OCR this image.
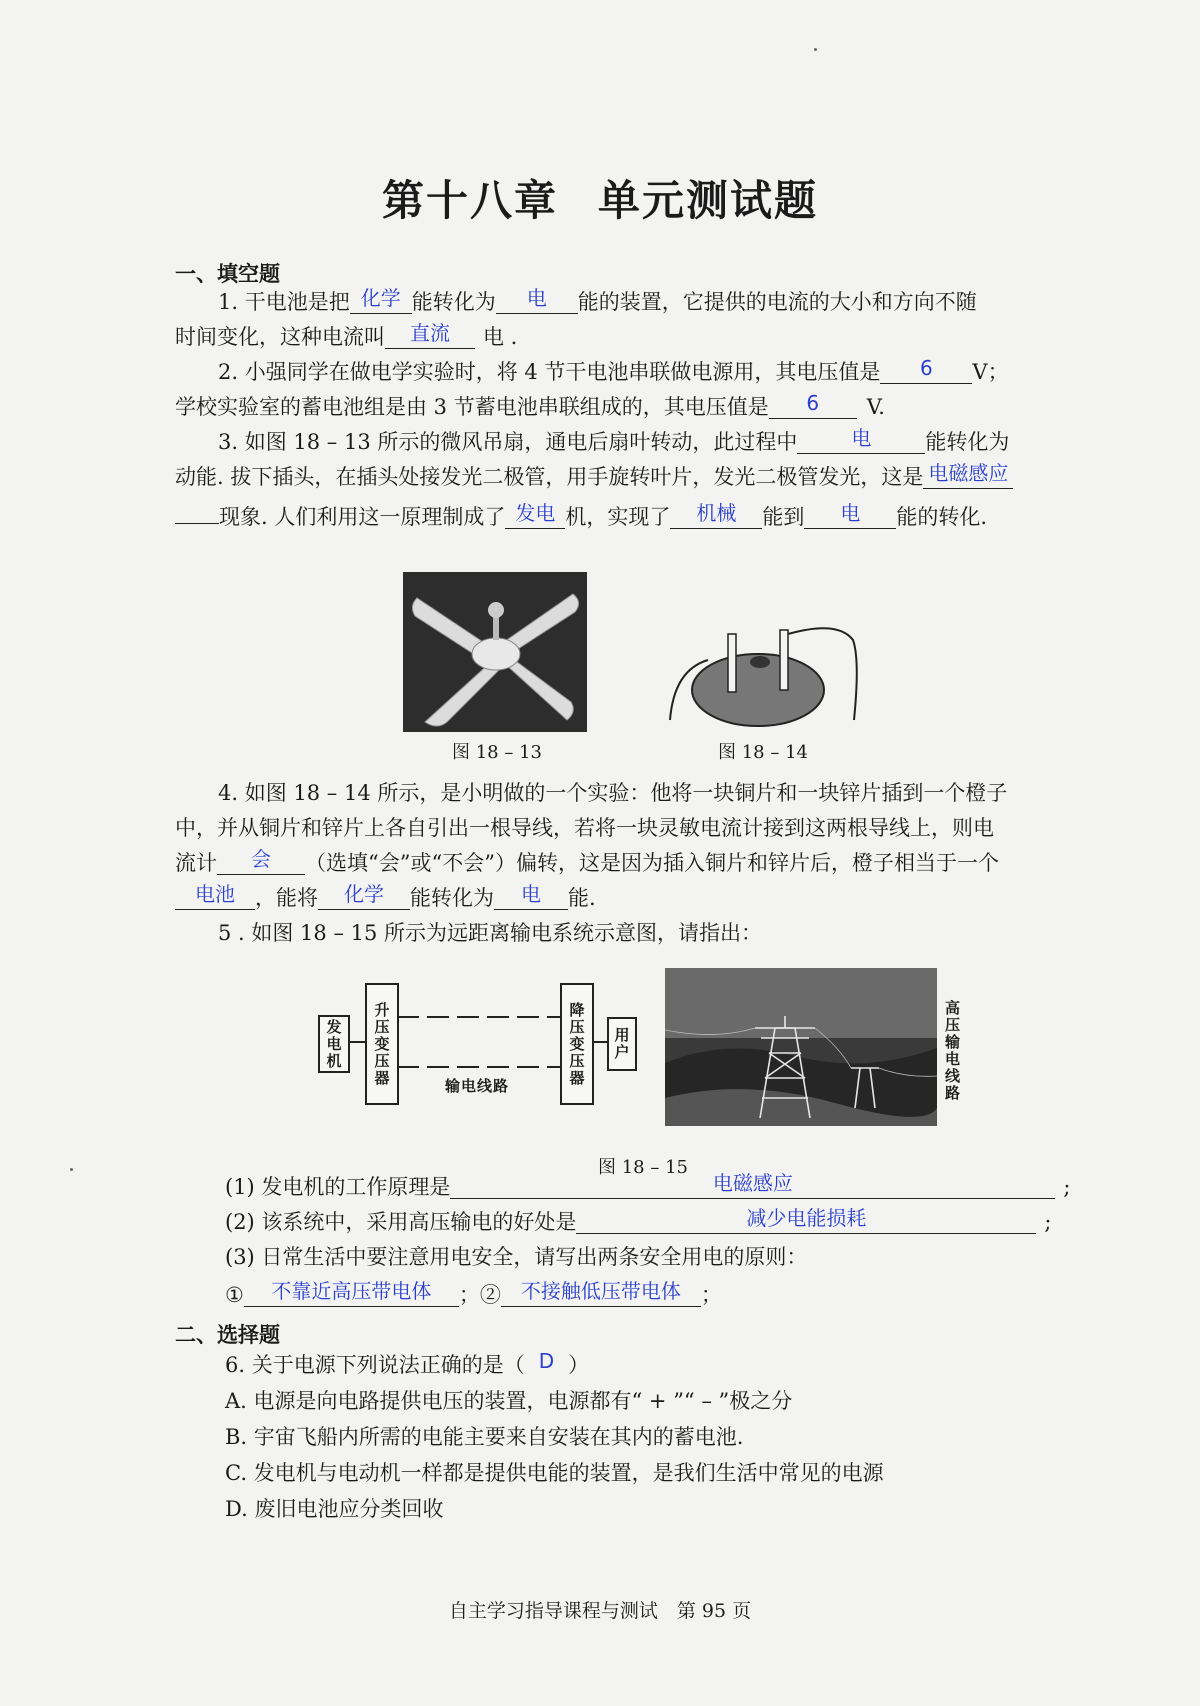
第十八章 单元测试题
一、填空题
1. 干电池是把 化学 能转化为 电 能的装置，它提供的电流的大小和方向不随
时间变化，这种电流叫 直流 电 .
2. 小强同学在做电学实验时，将 4 节干电池串联做电源用，其电压值是 6 V；
学校实验室的蓄电池组是由 3 节蓄电池串联组成的，其电压值是 6 V.
3. 如图 18 – 13 所示的微风吊扇，通电后扇叶转动，此过程中	电	能转化为
动能. 拔下插头，在插头处接发光二极管，用手旋转叶片，发光二极管发光，这是 电磁感应
现象. 人们利用这一原理制成了 发电 机，实现了 机械 能到 电 能的转化.
图 18 – 13	图 18 – 14
4. 如图 18 – 14 所示，是小明做的一个实验：他将一块铜片和一块锌片插到一个橙子
中，并从铜片和锌片上各自引出一根导线，若将一块灵敏电流计接到这两根导线上，则电
流计 会 （选填“会”或“不会”）偏转，这是因为插入铜片和锌片后，橙子相当于一个
电池 ，能将 化学 能转化为 电 能.
5 . 如图 18 – 15 所示为远距离输电系统示意图，请指出：
发电机	升压变压器	输电线路	降压变压器	用户	高压输电线路
图 18 – 15
(1) 发电机的工作原理是	电磁感应	;
(2) 该系统中，采用高压输电的好处是	减少电能损耗	;
(3) 日常生活中要注意用电安全，请写出两条安全用电的原则：
① 不靠近高压带电体 ；② 不接触低压带电体 ；
二、选择题
6. 关于电源下列说法正确的是（ D ）
A. 电源是向电路提供电压的装置，电源都有“ + ”“ – ”极之分
B. 宇宙飞船内所需的电能主要来自安装在其内的蓄电池.
C. 发电机与电动机一样都是提供电能的装置，是我们生活中常见的电源
D. 废旧电池应分类回收
自主学习指导课程与测试　第 95 页
